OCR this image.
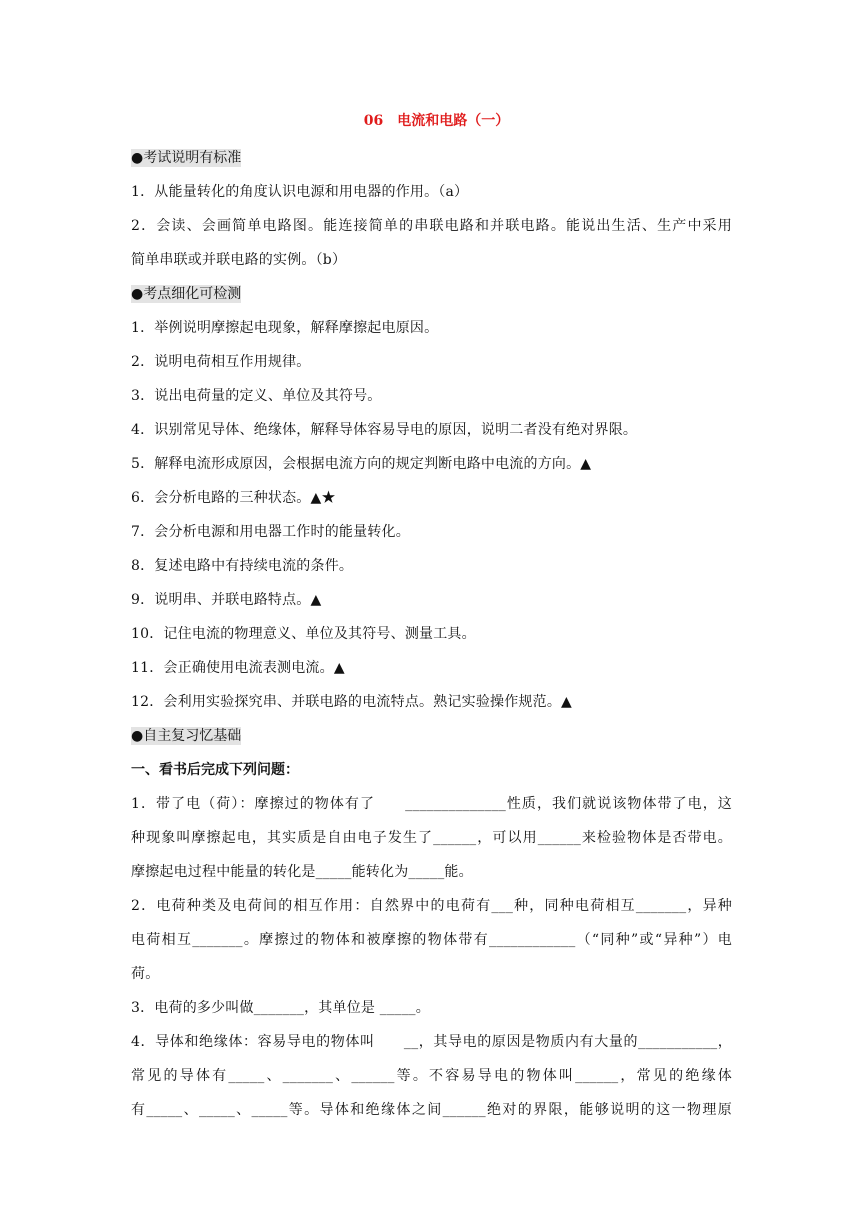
06　电流和电路（一）

●考试说明有标准

1．从能量转化的角度认识电源和用电器的作用。（a）

2．会读、会画简单电路图。能连接简单的串联电路和并联电路。能说出生活、生产中采用

简单串联或并联电路的实例。（b）

●考点细化可检测

1．举例说明摩擦起电现象，解释摩擦起电原因。

2．说明电荷相互作用规律。

3．说出电荷量的定义、单位及其符号。

4．识别常见导体、绝缘体，解释导体容易导电的原因，说明二者没有绝对界限。

5．解释电流形成原因，会根据电流方向的规定判断电路中电流的方向。▲

6．会分析电路的三种状态。▲★

7．会分析电源和用电器工作时的能量转化。

8．复述电路中有持续电流的条件。

9．说明串、并联电路特点。▲

10．记住电流的物理意义、单位及其符号、测量工具。

11．会正确使用电流表测电流。▲

12．会利用实验探究串、并联电路的电流特点。熟记实验操作规范。▲

●自主复习忆基础

一、看书后完成下列问题：

1．带了电（荷）：摩擦过的物体有了　　______________性质，我们就说该物体带了电，这

种现象叫摩擦起电，其实质是自由电子发生了______，可以用______来检验物体是否带电。

摩擦起电过程中能量的转化是_____能转化为_____能。

2．电荷种类及电荷间的相互作用：自然界中的电荷有___种，同种电荷相互_______，异种

电荷相互_______。摩擦过的物体和被摩擦的物体带有____________（“同种”或“异种”）电

荷。

3．电荷的多少叫做_______，其单位是 _____。

4．导体和绝缘体：容易导电的物体叫　　__，其导电的原因是物质内有大量的___________，

常见的导体有_____、_______、______等。不容易导电的物体叫______，常见的绝缘体

有_____、_____、_____等。导体和绝缘体之间______绝对的界限，能够说明的这一物理原
